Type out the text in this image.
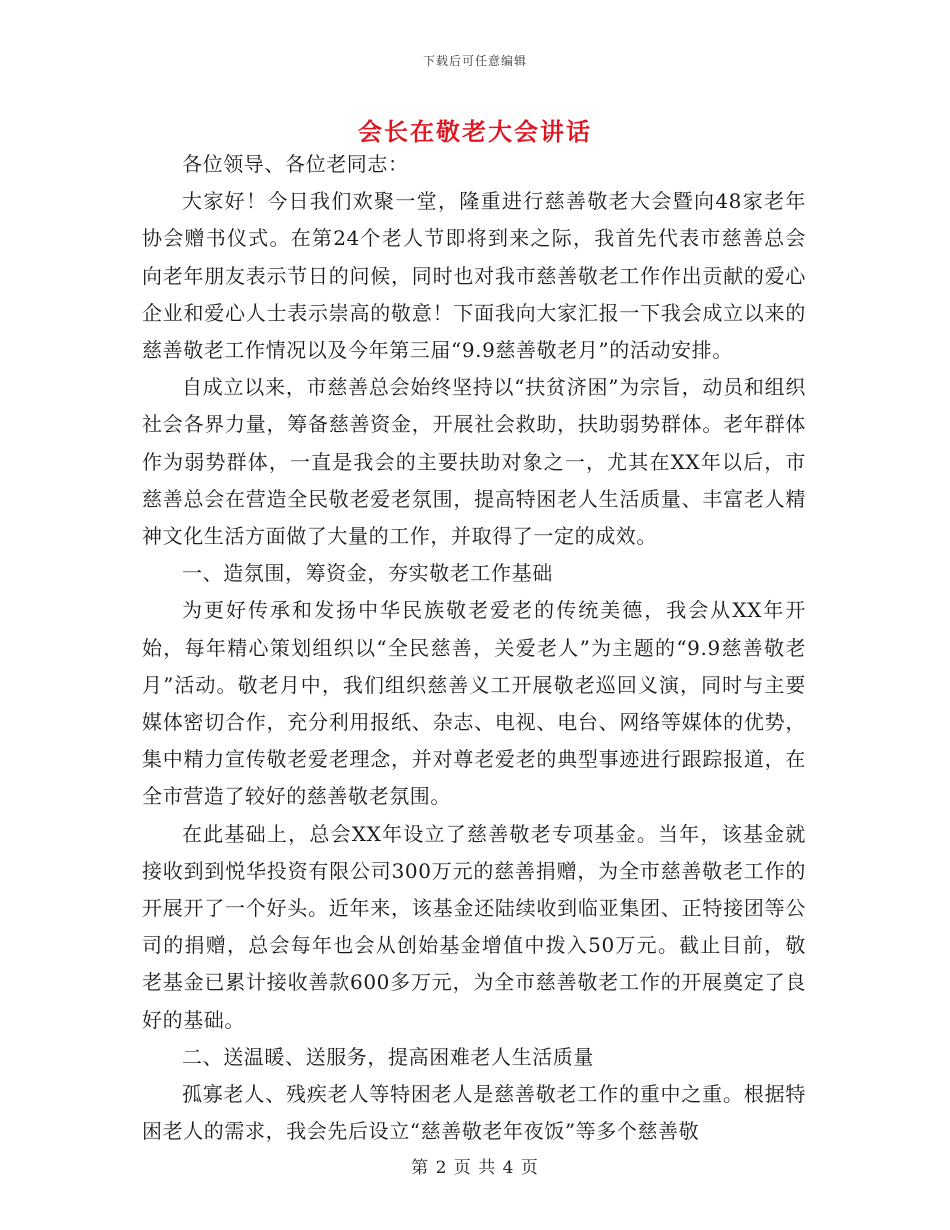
下载后可任意编辑
会长在敬老大会讲话

各位领导、各位老同志：

大家好！今日我们欢聚一堂，隆重进行慈善敬老大会暨向48家老年协会赠书仪式。在第24个老人节即将到来之际，我首先代表市慈善总会向老年朋友表示节日的问候，同时也对我市慈善敬老工作作出贡献的爱心企业和爱心人士表示崇高的敬意！下面我向大家汇报一下我会成立以来的慈善敬老工作情况以及今年第三届“9.9慈善敬老月”的活动安排。

自成立以来，市慈善总会始终坚持以“扶贫济困”为宗旨，动员和组织社会各界力量，筹备慈善资金，开展社会救助，扶助弱势群体。老年群体作为弱势群体，一直是我会的主要扶助对象之一，尤其在XX年以后，市慈善总会在营造全民敬老爱老氛围，提高特困老人生活质量、丰富老人精神文化生活方面做了大量的工作，并取得了一定的成效。

一、造氛围，筹资金，夯实敬老工作基础

为更好传承和发扬中华民族敬老爱老的传统美德，我会从XX年开始，每年精心策划组织以“全民慈善，关爱老人”为主题的“9.9慈善敬老月”活动。敬老月中，我们组织慈善义工开展敬老巡回义演，同时与主要媒体密切合作，充分利用报纸、杂志、电视、电台、网络等媒体的优势，集中精力宣传敬老爱老理念，并对尊老爱老的典型事迹进行跟踪报道，在全市营造了较好的慈善敬老氛围。

在此基础上，总会XX年设立了慈善敬老专项基金。当年，该基金就接收到到悦华投资有限公司300万元的慈善捐赠，为全市慈善敬老工作的开展开了一个好头。近年来，该基金还陆续收到临亚集团、正特接团等公司的捐赠，总会每年也会从创始基金增值中拨入50万元。截止目前，敬老基金已累计接收善款600多万元，为全市慈善敬老工作的开展奠定了良好的基础。

二、送温暖、送服务，提高困难老人生活质量

孤寡老人、残疾老人等特困老人是慈善敬老工作的重中之重。根据特困老人的需求，我会先后设立“慈善敬老年夜饭”等多个慈善敬

第 2 页 共 4 页
